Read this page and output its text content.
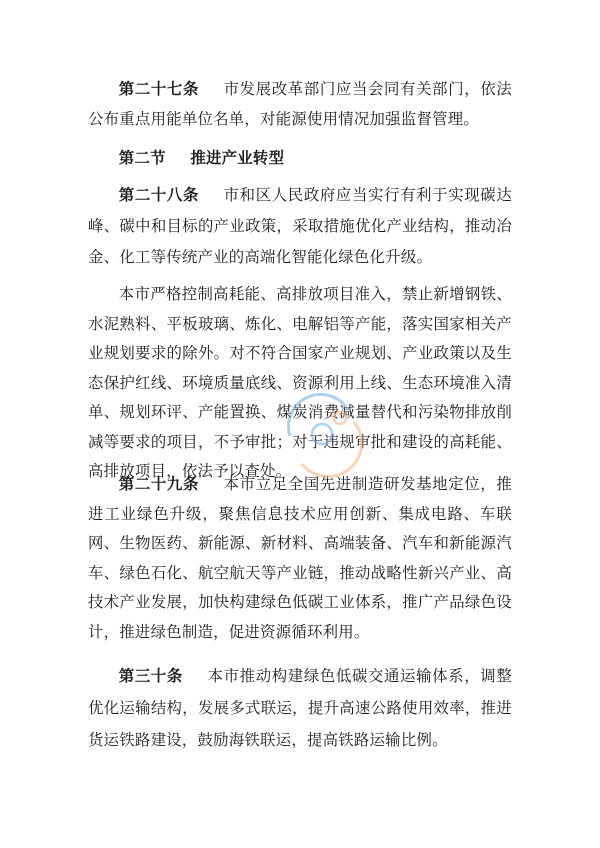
第二十七条 市发展改革部门应当会同有关部门，依法公布重点用能单位名单，对能源使用情况加强监督管理。

第二节 推进产业转型

第二十八条 市和区人民政府应当实行有利于实现碳达峰、碳中和目标的产业政策，采取措施优化产业结构，推动冶金、化工等传统产业的高端化智能化绿色化升级。

本市严格控制高耗能、高排放项目准入，禁止新增钢铁、水泥熟料、平板玻璃、炼化、电解铝等产能，落实国家相关产业规划要求的除外。对不符合国家产业规划、产业政策以及生态保护红线、环境质量底线、资源利用上线、生态环境准入清单、规划环评、产能置换、煤炭消费减量替代和污染物排放削减等要求的项目，不予审批；对于违规审批和建设的高耗能、高排放项目，依法予以查处。

第二十九条 本市立足全国先进制造研发基地定位，推进工业绿色升级，聚焦信息技术应用创新、集成电路、车联网、生物医药、新能源、新材料、高端装备、汽车和新能源汽车、绿色石化、航空航天等产业链，推动战略性新兴产业、高技术产业发展，加快构建绿色低碳工业体系，推广产品绿色设计，推进绿色制造，促进资源循环利用。

第三十条 本市推动构建绿色低碳交通运输体系，调整优化运输结构，发展多式联运，提升高速公路使用效率，推进货运铁路建设，鼓励海铁联运，提高铁路运输比例。
